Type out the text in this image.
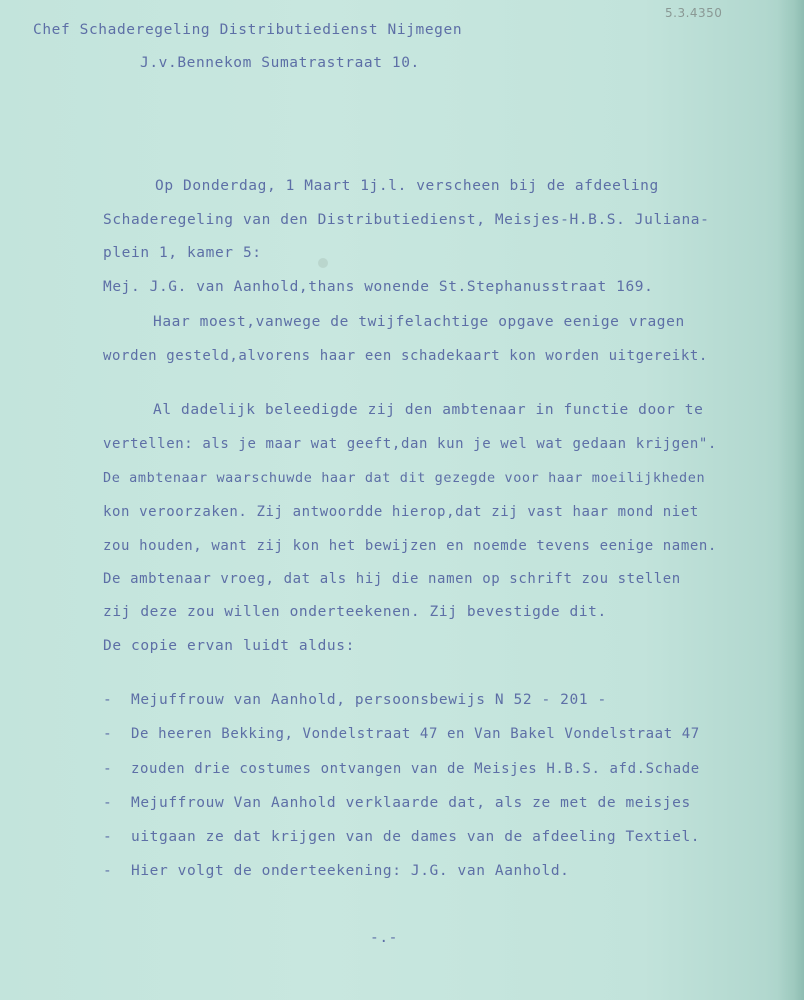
5.3.4350
Chef Schaderegeling Distributiedienst Nijmegen
J.v.Bennekom Sumatrastraat 10.
Op Donderdag, 1 Maart 1j.l. verscheen bij de afdeeling
Schaderegeling van den Distributiedienst, Meisjes-H.B.S. Juliana-
plein 1, kamer 5:
Mej. J.G. van Aanhold,thans wonende St.Stephanusstraat 169.
Haar moest,vanwege de twijfelachtige opgave eenige vragen
worden gesteld,alvorens haar een schadekaart kon worden uitgereikt.
Al dadelijk beleedigde zij den ambtenaar in functie door te
vertellen: als je maar wat geeft,dan kun je wel wat gedaan krijgen".
De ambtenaar waarschuwde haar dat dit gezegde voor haar moeilijkheden
kon veroorzaken. Zij antwoordde hierop,dat zij vast haar mond niet
zou houden, want zij kon het bewijzen en noemde tevens eenige namen.
De ambtenaar vroeg, dat als hij die namen op schrift zou stellen
zij deze zou willen onderteekenen. Zij bevestigde dit.
De copie ervan luidt aldus:
- Mejuffrouw van Aanhold, persoonsbewijs N 52 - 201 -
- De heeren Bekking, Vondelstraat 47 en Van Bakel Vondelstraat 47
- zouden drie costumes ontvangen van de Meisjes H.B.S. afd.Schade
- Mejuffrouw Van Aanhold verklaarde dat, als ze met de meisjes
- uitgaan ze dat krijgen van de dames van de afdeeling Textiel.
- Hier volgt de onderteekening: J.G. van Aanhold.
-.-
